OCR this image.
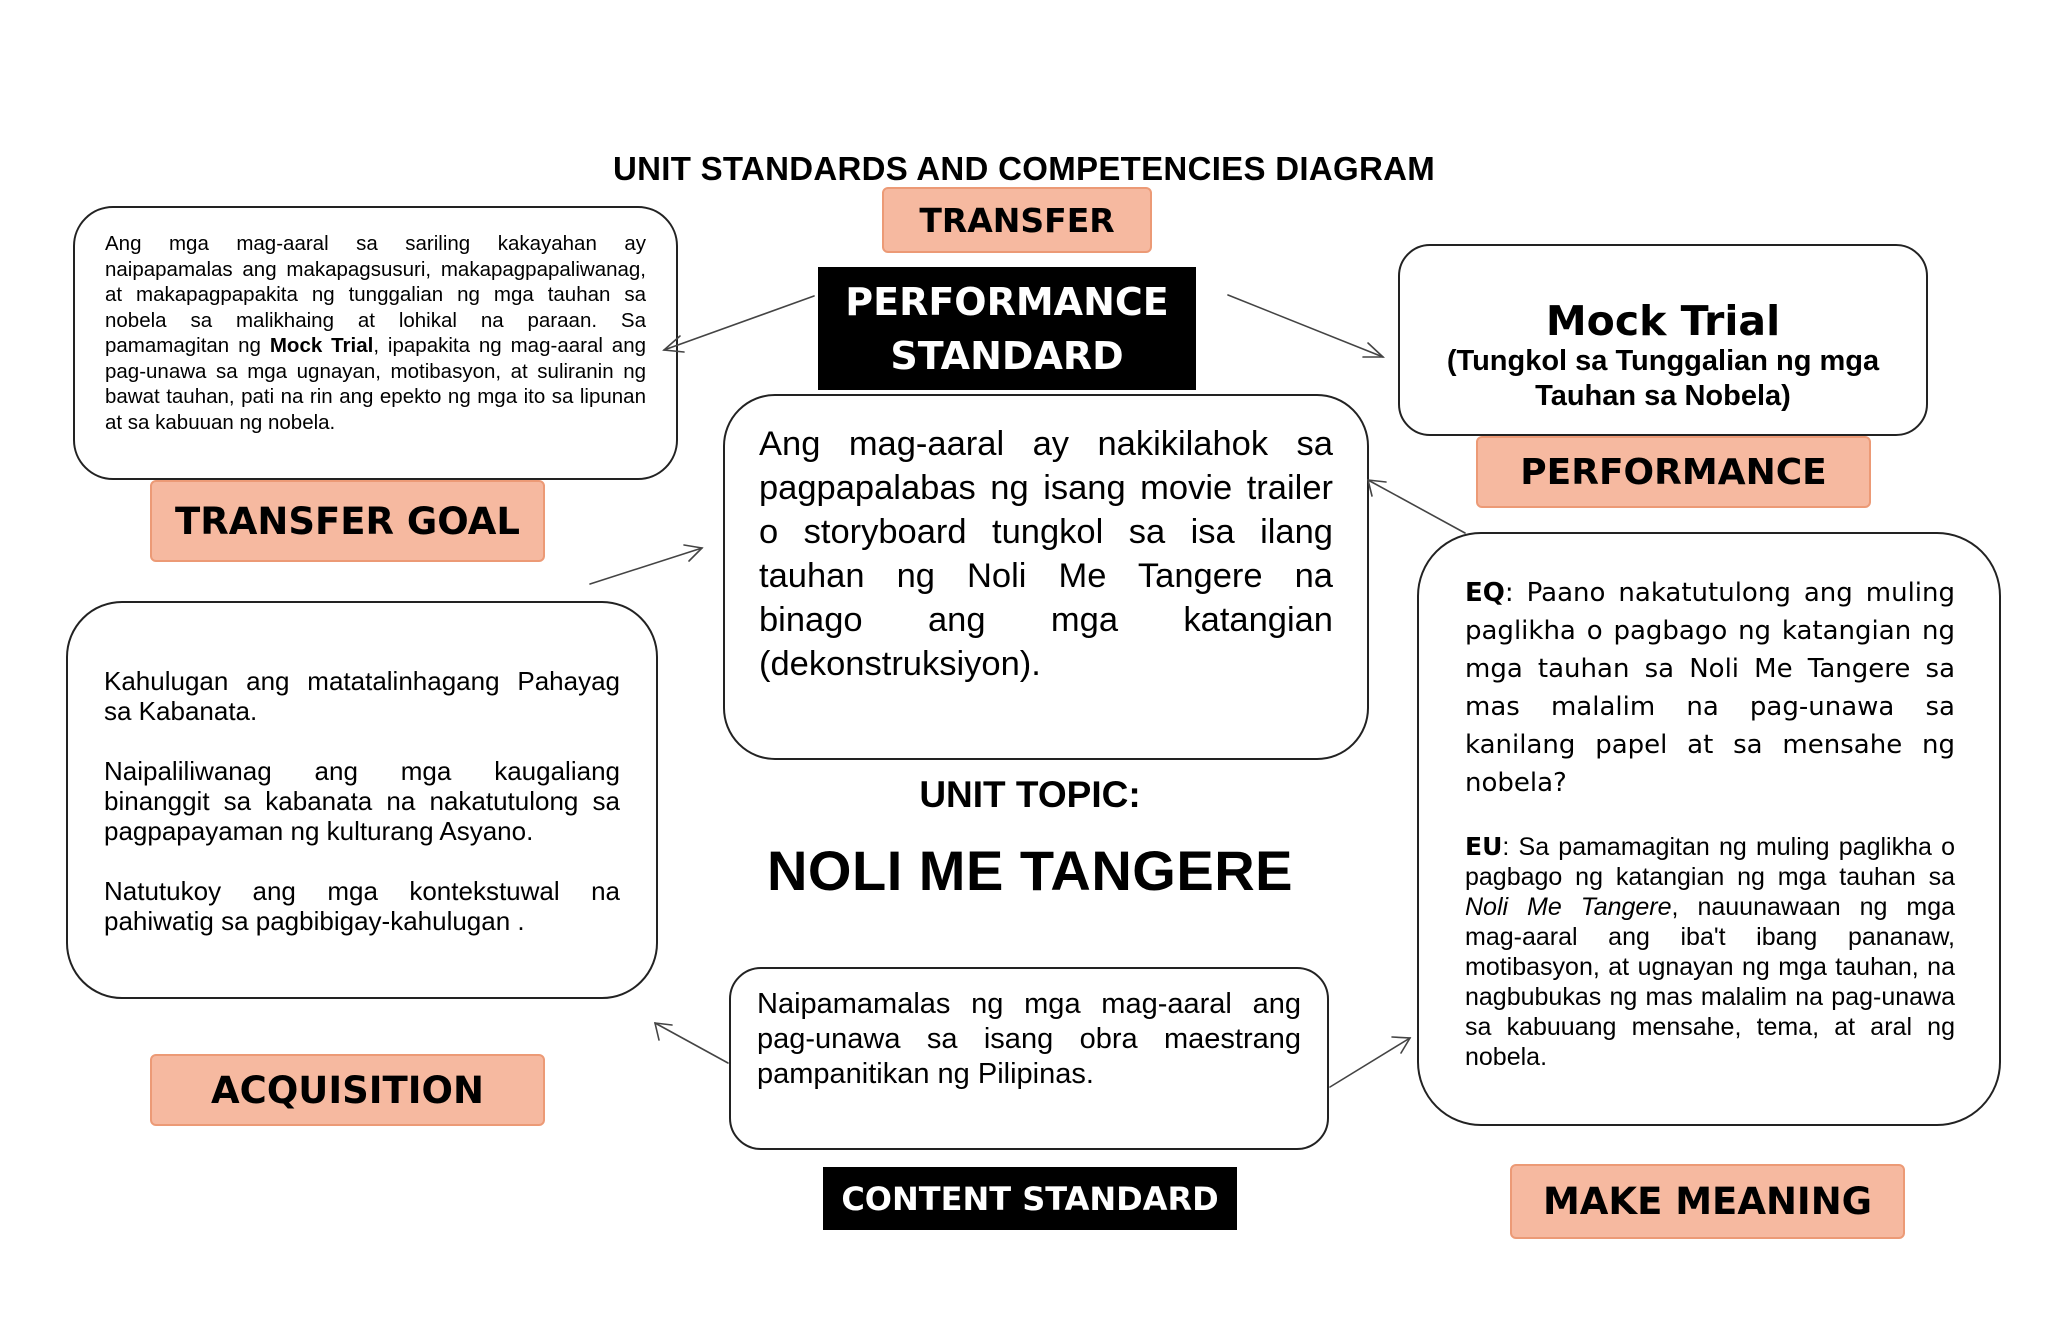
UNIT STANDARDS AND COMPETENCIES DIAGRAM
TRANSFER
PERFORMANCE
STANDARD
Ang mga mag-aaral sa sariling kakayahan ay naipapamalas ang makapagsusuri, makapagpapaliwanag, at makapagpapakita ng tunggalian ng mga tauhan sa nobela sa malikhaing at lohikal na paraan. Sa pamamagitan ng Mock Trial, ipapakita ng mag-aaral ang pag-unawa sa mga ugnayan, motibasyon, at suliranin ng bawat tauhan, pati na rin ang epekto ng mga ito sa lipunan at sa kabuuan ng nobela.
TRANSFER GOAL
Mock Trial
(Tungkol sa Tunggalian ng mga Tauhan sa Nobela)
PERFORMANCE
Ang mag-aaral ay nakikilahok sa pagpapalabas ng isang movie trailer o storyboard tungkol sa isa ilang tauhan ng Noli Me Tangere na binago ang mga katangian (dekonstruksiyon).

Kahulugan ang matatalinhagang Pahayag sa Kabanata.

Naipaliliwanag ang mga kaugaliang binanggit sa kabanata na nakatutulong sa pagpapayaman ng kulturang Asyano.

Natutukoy ang mga kontekstuwal na pahiwatig sa pagbibigay-kahulugan .

ACQUISITION
UNIT TOPIC:
NOLI ME TANGERE
Naipamamalas ng mga mag-aaral ang pag-unawa sa isang obra maestrang pampanitikan ng Pilipinas.
CONTENT STANDARD

EQ: Paano nakatutulong ang muling paglikha o pagbago ng katangian ng mga tauhan sa Noli Me Tangere sa mas malalim na pag-unawa sa kanilang papel at sa mensahe ng nobela?

EU: Sa pamamagitan ng muling paglikha o pagbago ng katangian ng mga tauhan sa Noli Me Tangere, nauunawaan ng mga mag-aaral ang iba't ibang pananaw, motibasyon, at ugnayan ng mga tauhan, na nagbubukas ng mas malalim na pag-unawa sa kabuuang mensahe, tema, at aral ng nobela.

MAKE MEANING
